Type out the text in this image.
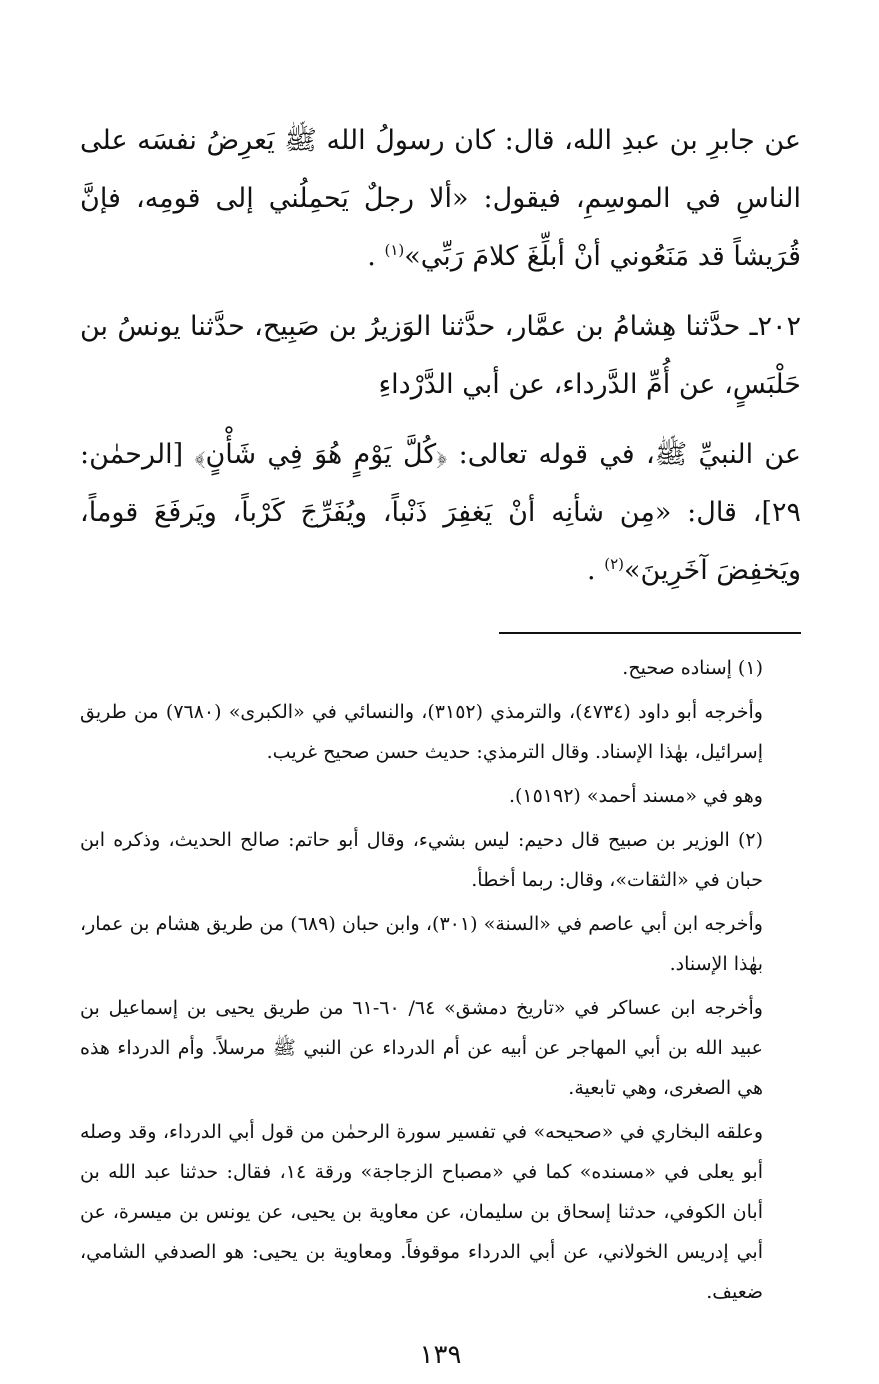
عن جابرِ بن عبدِ الله، قال: كان رسولُ الله ﷺ يَعرِضُ نفسَه على الناسِ في الموسِمِ، فيقول: «ألا رجلٌ يَحمِلُني إلى قومِه، فإنَّ قُرَيشاً قد مَنَعُوني أنْ أبلِّغَ كلامَ رَبِّي»$^{(١)}$ .

٢٠٢ـ حدَّثنا هِشامُ بن عمَّار، حدَّثنا الوَزيرُ بن صَبِيح، حدَّثنا يونسُ بن حَلْبَسٍ، عن أُمِّ الدَّرداء، عن أبي الدَّرْداءِ

عن النبيِّ ﷺ، في قوله تعالى: ﴿كُلَّ يَوْمٍ هُوَ فِي شَأْنٍ﴾ [الرحمٰن: ٢٩]، قال: «مِن شأنِه أنْ يَغفِرَ ذَنْباً، ويُفَرِّجَ كَرْباً، ويَرفَعَ قوماً، ويَخفِضَ آخَرِينَ»$^{(٢)}$ .

(١) إسناده صحيح.

وأخرجه أبو داود (٤٧٣٤)، والترمذي (٣١٥٢)، والنسائي في «الكبرى» (٧٦٨٠) من طريق إسرائيل، بهٰذا الإسناد. وقال الترمذي: حديث حسن صحيح غريب.

وهو في «مسند أحمد» (١٥١٩٢).

(٢) الوزير بن صبيح قال دحيم: ليس بشيء، وقال أبو حاتم: صالح الحديث، وذكره ابن حبان في «الثقات»، وقال: ربما أخطأ.

وأخرجه ابن أبي عاصم في «السنة» (٣٠١)، وابن حبان (٦٨٩) من طريق هشام بن عمار، بهٰذا الإسناد.

وأخرجه ابن عساكر في «تاريخ دمشق» ٦٤/ ٦٠-٦١ من طريق يحيى بن إسماعيل بن عبيد الله بن أبي المهاجر عن أبيه عن أم الدرداء عن النبي ﷺ مرسلاً. وأم الدرداء هذه هي الصغرى، وهي تابعية.

وعلقه البخاري في «صحيحه» في تفسير سورة الرحمٰن من قول أبي الدرداء، وقد وصله أبو يعلى في «مسنده» كما في «مصباح الزجاجة» ورقة ١٤، فقال: حدثنا عبد الله بن أبان الكوفي، حدثنا إسحاق بن سليمان، عن معاوية بن يحيى، عن يونس بن ميسرة، عن أبي إدريس الخولاني، عن أبي الدرداء موقوفاً. ومعاوية بن يحيى: هو الصدفي الشامي، ضعيف.

١٣٩
